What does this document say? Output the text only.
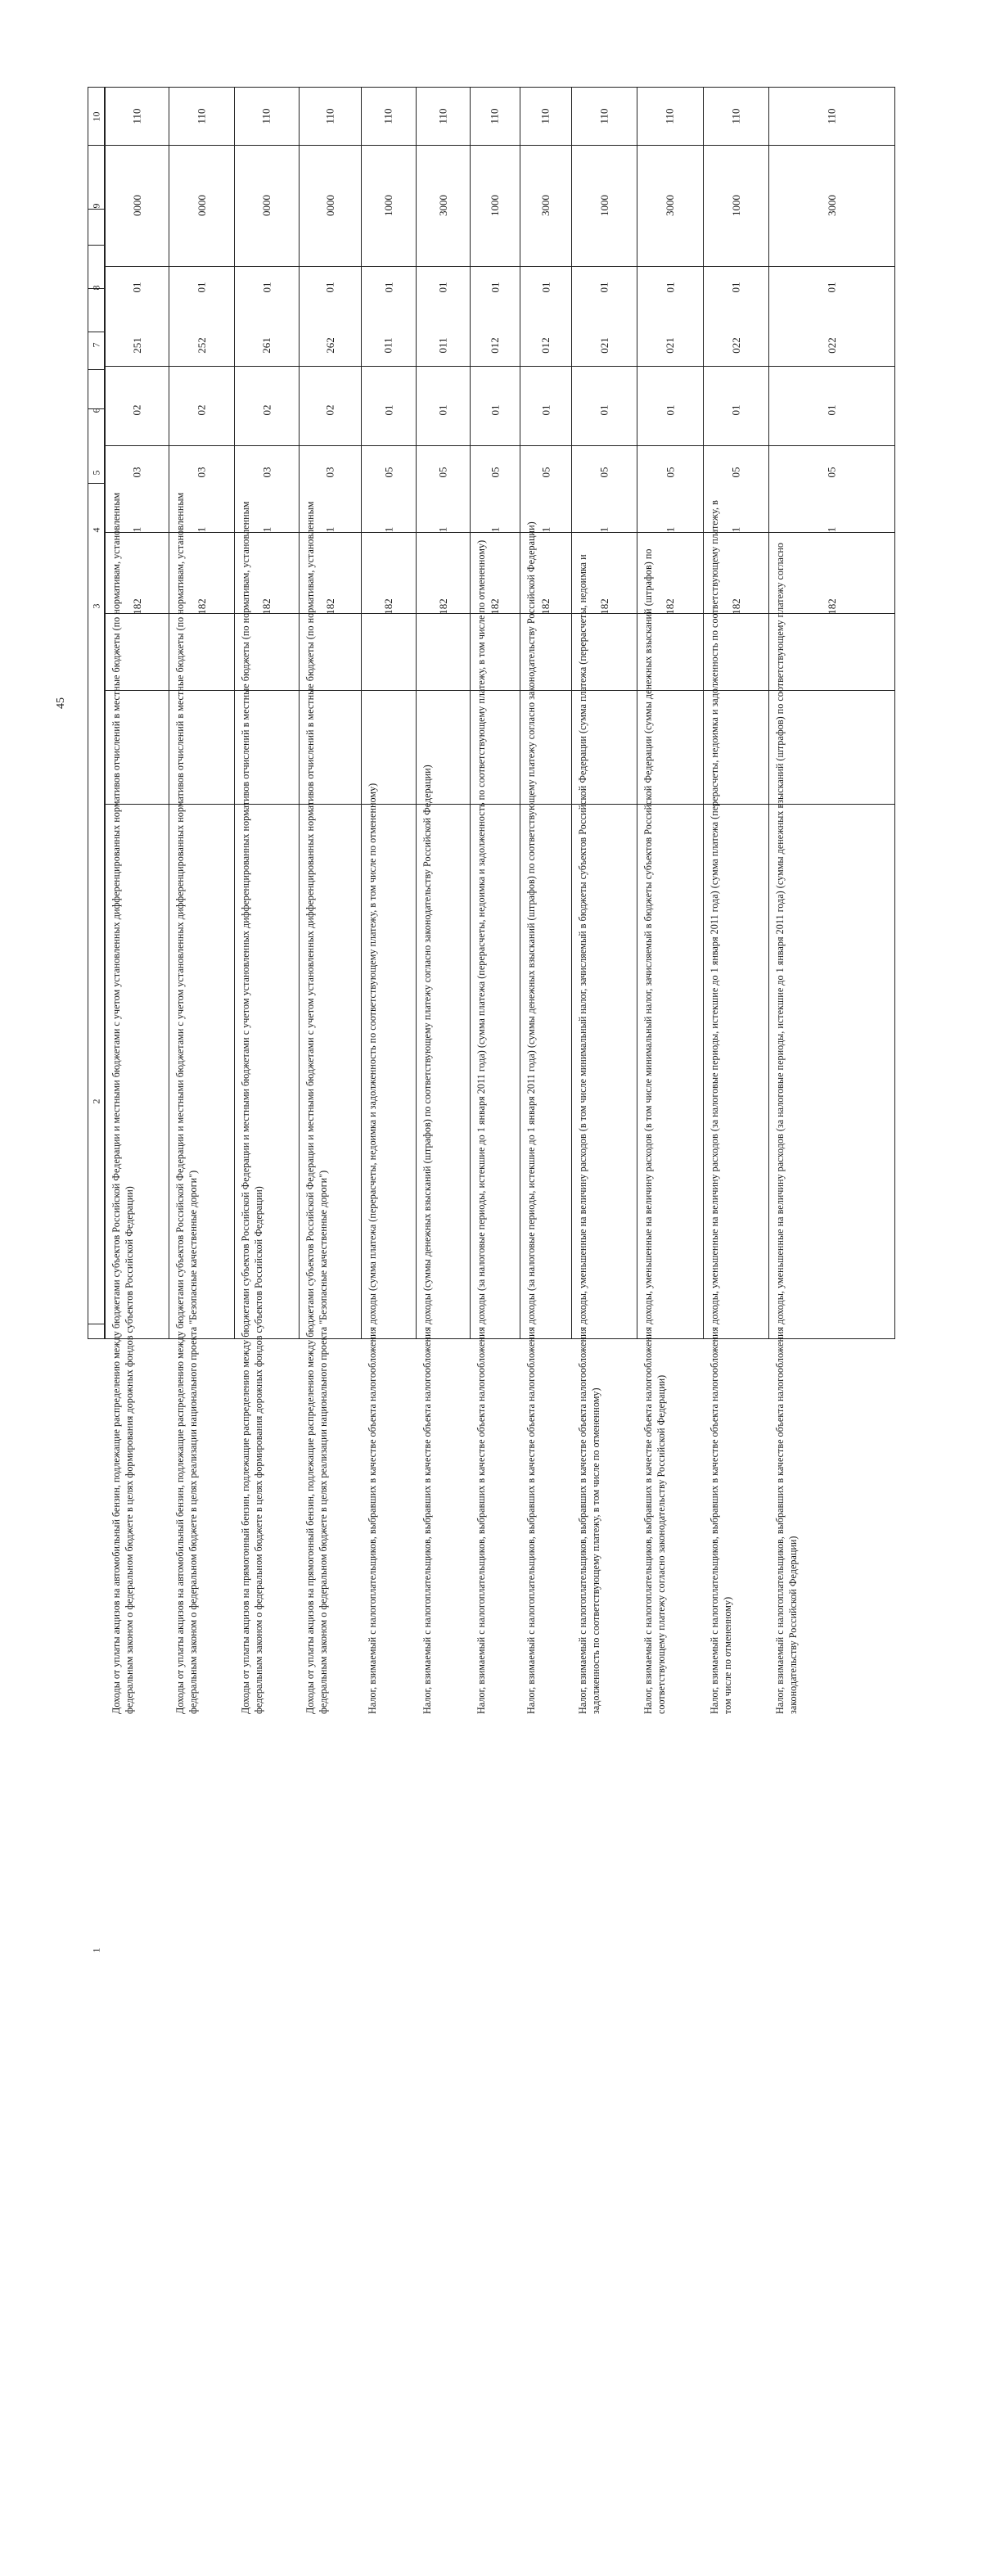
45
10
9
8
7
6
5
4
3
2
1
110
0000
01
251
02
03
1
182
Доходы от уплаты акцизов на автомобильный бензин, подлежащие распределению между бюджетами субъектов Российской Федерации и местными бюджетами с учетом установленных дифференцированных нормативов отчислений в местные бюджеты (по нормативам, установленным федеральным законом о федеральном бюджете в целях формирования дорожных фондов субъектов Российской Федерации)
110
0000
01
252
02
03
1
182
Доходы от уплаты акцизов на автомобильный бензин, подлежащие распределению между бюджетами субъектов Российской Федерации и местными бюджетами с учетом установленных дифференцированных нормативов отчислений в местные бюджеты (по нормативам, установленным федеральным законом о федеральном бюджете в целях реализации национального проекта "Безопасные качественные дороги")
110
0000
01
261
02
03
1
182
Доходы от уплаты акцизов на прямогонный бензин, подлежащие распределению между бюджетами субъектов Российской Федерации и местными бюджетами с учетом установленных дифференцированных нормативов отчислений в местные бюджеты (по нормативам, установленным федеральным законом о федеральном бюджете в целях формирования дорожных фондов субъектов Российской Федерации)
110
0000
01
262
02
03
1
182
Доходы от уплаты акцизов на прямогонный бензин, подлежащие распределению между бюджетами субъектов Российской Федерации и местными бюджетами с учетом установленных дифференцированных нормативов отчислений в местные бюджеты (по нормативам, установленным федеральным законом о федеральном бюджете в целях реализации национального проекта "Безопасные качественные дороги")
110
1000
01
011
01
05
1
182
Налог, взимаемый с налогоплательщиков, выбравших в качестве объекта налогообложения доходы (сумма платежа (перерасчеты, недоимка и задолженность по соответствующему платежу, в том числе по отмененному)
110
3000
01
011
01
05
1
182
Налог, взимаемый с налогоплательщиков, выбравших в качестве объекта налогообложения доходы (суммы денежных взысканий (штрафов) по соответствующему платежу согласно законодательству Российской Федерации)
110
1000
01
012
01
05
1
182
Налог, взимаемый с налогоплательщиков, выбравших в качестве объекта налогообложения доходы (за налоговые периоды, истекшие до 1 января 2011 года) (сумма платежа (перерасчеты, недоимка и задолженность по соответствующему платежу, в том числе по отмененному)
110
3000
01
012
01
05
1
182
Налог, взимаемый с налогоплательщиков, выбравших в качестве объекта налогообложения доходы (за налоговые периоды, истекшие до 1 января 2011 года) (суммы денежных взысканий (штрафов) по соответствующему платежу согласно законодательству Российской Федерации)
110
1000
01
021
01
05
1
182
Налог, взимаемый с налогоплательщиков, выбравших в качестве объекта налогообложения доходы, уменьшенные на величину расходов (в том числе минимальный налог, зачисляемый в бюджеты субъектов Российской Федерации (сумма платежа (перерасчеты, недоимка и задолженность по соответствующему платежу, в том числе по отмененному)
110
3000
01
021
01
05
1
182
Налог, взимаемый с налогоплательщиков, выбравших в качестве объекта налогообложения доходы, уменьшенные на величину расходов (в том числе минимальный налог, зачисляемый в бюджеты субъектов Российской Федерации (суммы денежных взысканий (штрафов) по соответствующему платежу согласно законодательству Российской Федерации)
110
1000
01
022
01
05
1
182
Налог, взимаемый с налогоплательщиков, выбравших в качестве объекта налогообложения доходы, уменьшенные на величину расходов (за налоговые периоды, истекшие до 1 января 2011 года) (сумма платежа (перерасчеты, недоимка и задолженность по соответствующему платежу, в том числе по отмененному)
110
3000
01
022
01
05
1
182
Налог, взимаемый с налогоплательщиков, выбравших в качестве объекта налогообложения доходы, уменьшенные на величину расходов (за налоговые периоды, истекшие до 1 января 2011 года) (суммы денежных взысканий (штрафов) по соответствующему платежу согласно законодательству Российской Федерации)
